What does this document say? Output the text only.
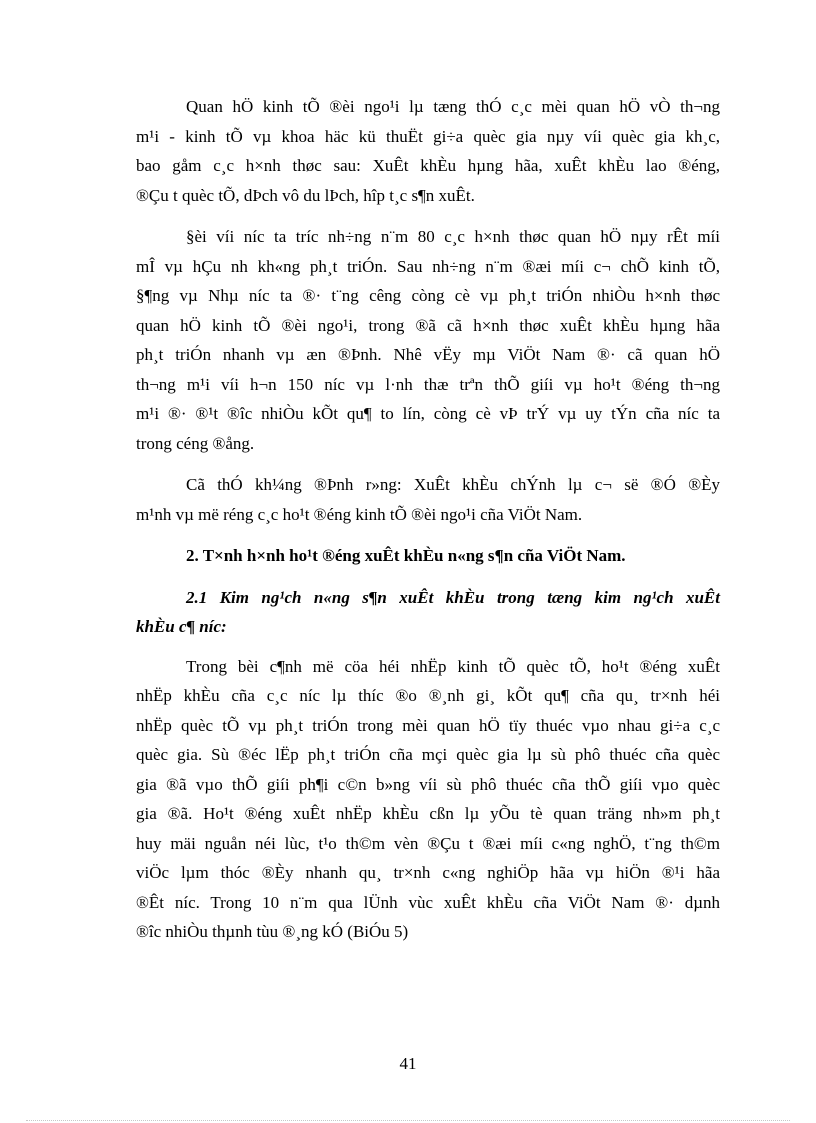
Quan hÖ kinh tÕ ®èi ngo¹i lµ tæng thÓ c¸c mèi quan hÖ vÒ th¬ng
m¹i - kinh tÕ vµ khoa häc kü thuËt gi÷a quèc gia nµy víi quèc gia kh¸c,
bao gåm c¸c h×nh thøc sau: XuÊt khÈu hµng hãa, xuÊt khÈu lao ®éng,
®Çu t quèc tÕ, dÞch vô du lÞch, hîp t¸c s¶n xuÊt.
§èi víi níc ta tríc nh÷ng n¨m 80 c¸c h×nh thøc quan hÖ nµy rÊt míi
mÎ vµ hÇu nh kh«ng ph¸t triÓn. Sau nh÷ng n¨m ®æi míi c¬ chÕ kinh tÕ,
§¶ng vµ Nhµ níc ta ®· t¨ng cêng còng cè vµ ph¸t triÓn nhiÒu h×nh thøc
quan hÖ kinh tÕ ®èi ngo¹i, trong ®ã cã h×nh thøc xuÊt khÈu hµng hãa
ph¸t triÓn nhanh vµ æn ®Þnh. Nhê vËy mµ ViÖt Nam ®· cã quan hÖ
th¬ng m¹i víi h¬n 150 níc vµ l·nh thæ trªn thÕ giíi vµ ho¹t ®éng th¬ng
m¹i ®· ®¹t ®îc nhiÒu kÕt qu¶ to lín, còng cè vÞ trÝ vµ uy tÝn cña níc ta
trong céng ®ång.
Cã thÓ kh¼ng ®Þnh r»ng: XuÊt khÈu chÝnh lµ c¬ së ®Ó ®Èy
m¹nh vµ më réng c¸c ho¹t ®éng kinh tÕ ®èi ngo¹i cña ViÖt Nam.
2. T×nh h×nh ho¹t ®éng xuÊt khÈu n«ng s¶n cña ViÖt Nam.
2.1 Kim ng¹ch n«ng s¶n xuÊt khÈu trong tæng kim ng¹ch xuÊt
khÈu c¶ níc:
Trong bèi c¶nh më cöa héi nhËp kinh tÕ quèc tÕ, ho¹t ®éng xuÊt
nhËp khÈu cña c¸c níc lµ thíc ®o ®¸nh gi¸ kÕt qu¶ cña qu¸ tr×nh héi
nhËp quèc tÕ vµ ph¸t triÓn trong mèi quan hÖ tïy thuéc vµo nhau gi÷a c¸c
quèc gia. Sù ®éc lËp ph¸t triÓn cña mçi quèc gia lµ sù phô thuéc cña quèc
gia ®ã vµo thÕ giíi ph¶i c©n b»ng víi sù phô thuéc cña thÕ giíi vµo quèc
gia ®ã. Ho¹t ®éng xuÊt nhËp khÈu cßn lµ yÕu tè quan träng nh»m ph¸t
huy mäi nguån néi lùc, t¹o th©m vèn ®Çu t ®æi míi c«ng nghÖ, t¨ng th©m
viÖc lµm thóc ®Èy nhanh qu¸ tr×nh c«ng nghiÖp hãa vµ hiÖn ®¹i hãa
®Êt níc. Trong 10 n¨m qua lÜnh vùc xuÊt khÈu cña ViÖt Nam ®· dµnh
®îc nhiÒu thµnh tùu ®¸ng kÓ (BiÓu 5)
41
